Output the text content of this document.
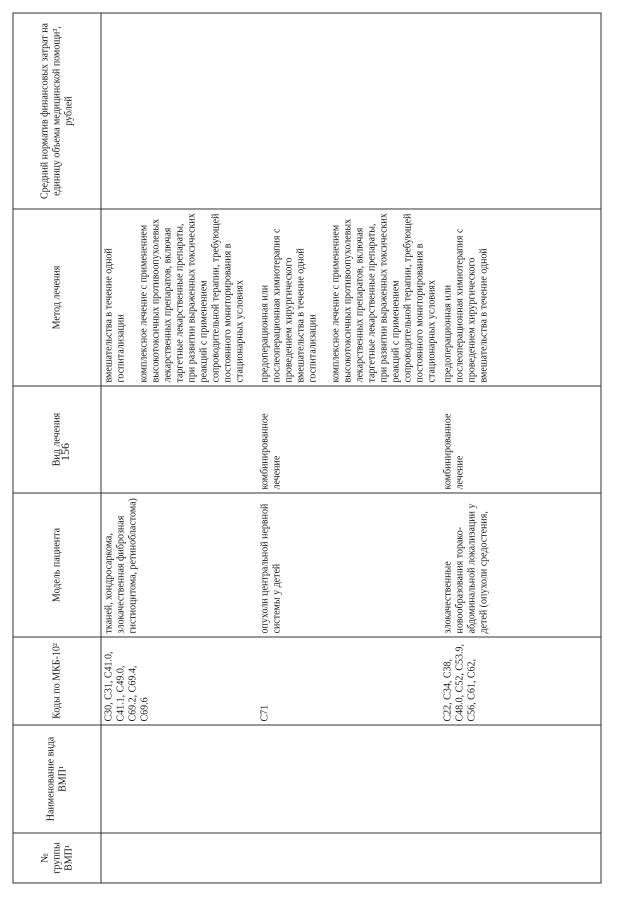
156
№ группы ВМП¹	Наименование вида ВМП¹	Коды по МКБ-10²	Модель пациента	Вид лечения	Метод лечения	Средний норматив финансовых затрат на единицу объема медицинской помощи³, рублей
		C30, C31, C41.0, C41.1, C49.0, C69.2, C69.4, C69.6	тканей, хондросаркома, злокачественная фиброзная гистиоцитома, ретинобластома)		вмешательства в течение одной госпитализации комплексное лечение с применением высокотоксичных противоопухолевых лекарственных препаратов, включая таргетные лекарственные препараты, при развитии выраженных токсических реакций с применением сопроводительной терапии, требующей постоянного мониторирования в стационарных условиях	

		C71	опухоли центральной нервной системы у детей	комбинированное лечение	предоперационная или послеоперационная химиотерапия с проведением хирургического вмешательства в течение одной госпитализации комплексное лечение с применением высокотоксичных противоопухолевых лекарственных препаратов, включая таргетные лекарственные препараты, при развитии выраженных токсических реакций с применением сопроводительной терапии, требующей постоянного мониторирования в стационарных условиях	

		C22, C34, C38, C48.0, C52, C53.9, C56, C61, C62,	злокачественные новообразования торако-абдоминальной локализации у детей (опухоли средостения,	комбинированное лечение	предоперационная или послеоперационная химиотерапия с проведением хирургического вмешательства в течение одной	
